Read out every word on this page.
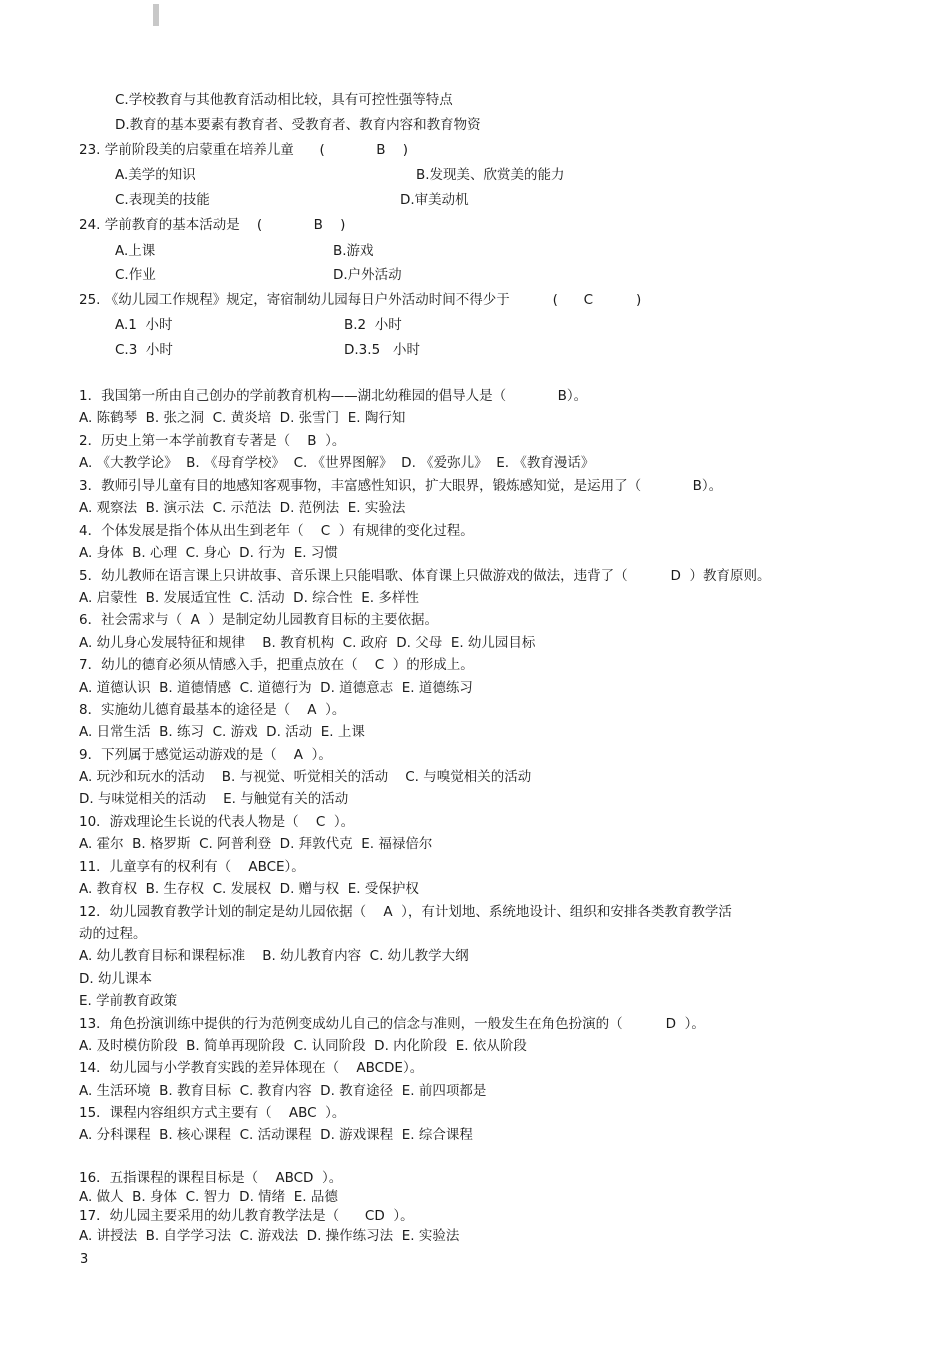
C.学校教育与其他教育活动相比较，具有可控性强等特点
D.教育的基本要素有教育者、受教育者、教育内容和教育物资
23. 学前阶段美的启蒙重在培养儿童      (            B    )
A.美学的知识	B.发现美、欣赏美的能力
C.表现美的技能	D.审美动机
24. 学前教育的基本活动是    (            B    )
A.上课	B.游戏
C.作业	D.户外活动
25. 《幼儿园工作规程》规定，寄宿制幼儿园每日户外活动时间不得少于          (      C          )
A.1  小时	B.2  小时
C.3  小时	D.3.5   小时
1．我国第一所由自己创办的学前教育机构——湖北幼稚园的倡导人是（            B）。
A. 陈鹤琴  B. 张之洞  C. 黄炎培  D. 张雪门  E. 陶行知
2．历史上第一本学前教育专著是（    B  ）。
A. 《大教学论》  B. 《母育学校》  C. 《世界图解》  D. 《爱弥儿》  E. 《教育漫话》
3．教师引导儿童有目的地感知客观事物，丰富感性知识，扩大眼界，锻炼感知觉，是运用了（            B）。
A. 观察法  B. 演示法  C. 示范法  D. 范例法  E. 实验法
4．个体发展是指个体从出生到老年（    C  ）有规律的变化过程。
A. 身体  B. 心理  C. 身心  D. 行为  E. 习惯
5．幼儿教师在语言课上只讲故事、音乐课上只能唱歌、体育课上只做游戏的做法，违背了（          D  ）教育原则。
A. 启蒙性  B. 发展适宜性  C. 活动  D. 综合性  E. 多样性
6．社会需求与（  A  ）是制定幼儿园教育目标的主要依据。
A. 幼儿身心发展特征和规律    B. 教育机构  C. 政府  D. 父母  E. 幼儿园目标
7．幼儿的德育必须从情感入手，把重点放在（    C  ）的形成上。
A. 道德认识  B. 道德情感  C. 道德行为  D. 道德意志  E. 道德练习
8．实施幼儿德育最基本的途径是（    A  ）。
A. 日常生活  B. 练习  C. 游戏  D. 活动  E. 上课
9．下列属于感觉运动游戏的是（    A  ）。
A. 玩沙和玩水的活动    B. 与视觉、听觉相关的活动    C. 与嗅觉相关的活动
D. 与味觉相关的活动    E. 与触觉有关的活动
10．游戏理论生长说的代表人物是（    C  ）。
A. 霍尔  B. 格罗斯  C. 阿普利登  D. 拜敦代克  E. 福禄倍尔
11．儿童享有的权利有（    ABCE）。
A. 教育权  B. 生存权  C. 发展权  D. 赠与权  E. 受保护权
12．幼儿园教育教学计划的制定是幼儿园依据（    A  ），有计划地、系统地设计、组织和安排各类教育教学活
动的过程。
A. 幼儿教育目标和课程标准    B. 幼儿教育内容  C. 幼儿教学大纲
D. 幼儿课本
E. 学前教育政策
13．角色扮演训练中提供的行为范例变成幼儿自己的信念与准则，一般发生在角色扮演的（          D  ）。
A. 及时模仿阶段  B. 简单再现阶段  C. 认同阶段  D. 内化阶段  E. 依从阶段
14．幼儿园与小学教育实践的差异体现在（    ABCDE）。
A. 生活环境  B. 教育目标  C. 教育内容  D. 教育途径  E. 前四项都是
15．课程内容组织方式主要有（    ABC  ）。
A. 分科课程  B. 核心课程  C. 活动课程  D. 游戏课程  E. 综合课程
16．五指课程的课程目标是（    ABCD  ）。
A. 做人  B. 身体  C. 智力  D. 情绪  E. 品德
17．幼儿园主要采用的幼儿教育教学法是（      CD  ）。
A. 讲授法  B. 自学学习法  C. 游戏法  D. 操作练习法  E. 实验法
3
